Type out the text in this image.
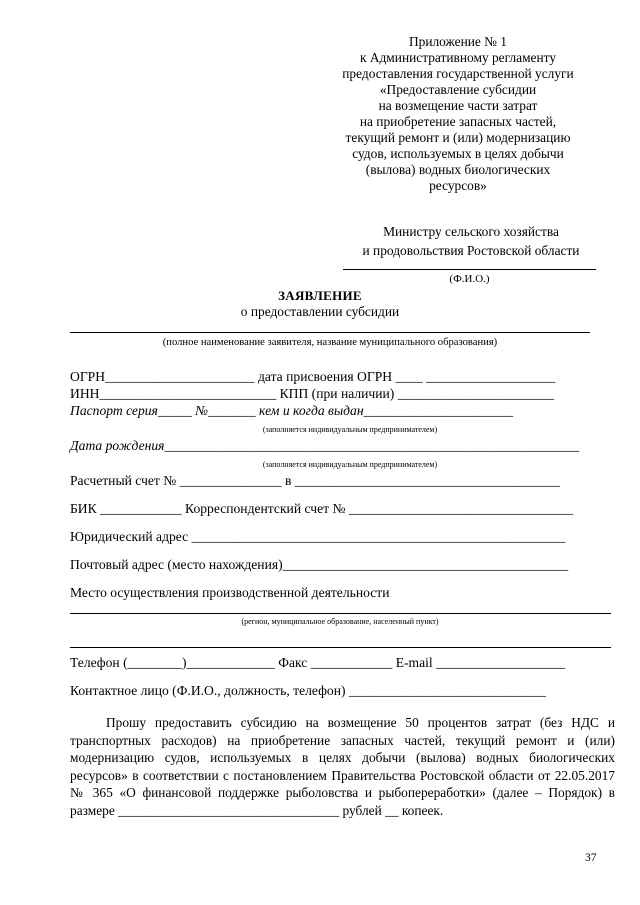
Приложение № 1
к Административному регламенту
предоставления государственной услуги
«Предоставление субсидии
на возмещение части затрат
на приобретение запасных частей,
текущий ремонт и (или) модернизацию
судов, используемых в целях добычи
(вылова) водных биологических
ресурсов»
Министру сельского хозяйства
и продовольствия Ростовской области
(Ф.И.О.)
ЗАЯВЛЕНИЕ
о предоставлении субсидии
(полное наименование заявителя, название муниципального образования)
ОГРН______________________ дата присвоения ОГРН ____ ___________________
ИНН__________________________ КПП (при наличии) _______________________
Паспорт серия_____ №_______ кем и когда выдан______________________
(заполняется индивидуальным предпринимателем)
Дата рождения_____________________________________________________________
(заполняется индивидуальным предпринимателем)
Расчетный счет № _______________ в _______________________________________
БИК ____________ Корреспондентский счет № _________________________________
Юридический адрес _______________________________________________________
Почтовый адрес (место нахождения)__________________________________________
Место осуществления производственной деятельности
(регион, муниципальное образование, населенный пункт)
Телефон (________)_____________ Факс ____________ E-mail ___________________
Контактное лицо (Ф.И.О., должность, телефон) _____________________________
Прошу предоставить субсидию на возмещение 50 процентов затрат (без НДС и транспортных расходов) на приобретение запасных частей, текущий ремонт и (или) модернизацию судов, используемых в целях добычи (вылова) водных биологических ресурсов» в соответствии с постановлением Правительства Ростовской области от 22.05.2017 № 365 «О финансовой поддержке рыболовства и рыбопереработки» (далее – Порядок) в размере _________________________________ рублей __ копеек.
37
